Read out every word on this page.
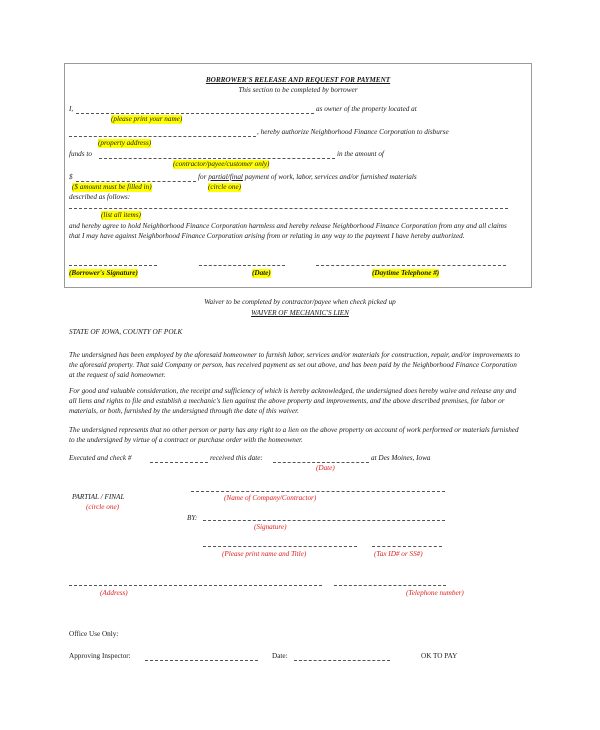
BORROWER'S RELEASE AND REQUEST FOR PAYMENT
This section to be completed by borrower
I,	as owner of the property located at
(please print your name)
, hereby authorize Neighborhood Finance Corporation to disburse
(property address)
funds to	in the amount of
(contractor/payee/customer only)
$	for partial/final payment of work, labor, services and/or furnished materials
($ amount must be filled in)	(circle one)
described as follows:
(list all items)
and hereby agree to hold Neighborhood Finance Corporation harmless and hereby release Neighborhood Finance Corporation from any and all claims that I may have against Neighborhood Finance Corporation arising from or relating in any way to the payment I have hereby authorized.
(Borrower's Signature)	(Date)	(Daytime Telephone #)
Waiver to be completed by contractor/payee when check picked up
WAIVER OF MECHANIC'S LIEN
STATE OF IOWA, COUNTY OF POLK
The undersigned has been employed by the aforesaid homeowner to furnish labor, services and/or materials for construction, repair, and/or improvements to the aforesaid property. That said Company or person, has received payment as set out above, and has been paid by the Neighborhood Finance Corporation at the request of said homeowner.
For good and valuable consideration, the receipt and sufficiency of which is hereby acknowledged, the undersigned does hereby waive and release any and all liens and rights to file and establish a mechanic's lien against the above property and improvements, and the above described premises, for labor or materials, or both, furnished by the undersigned through the date of this waiver.
The undersigned represents that no other person or party has any right to a lien on the above property on account of work performed or materials furnished to the undersigned by virtue of a contract or purchase order with the homeowner.
Executed and check #	received this date:	at Des Moines, Iowa
(Date)
PARTIAL / FINAL
(circle one)
(Name of Company/Contractor)
BY:
(Signature)
(Please print name and Title)	(Tax ID# or SS#)
(Address)	(Telephone number)
Office Use Only:
Approving Inspector:	Date:	OK TO PAY
